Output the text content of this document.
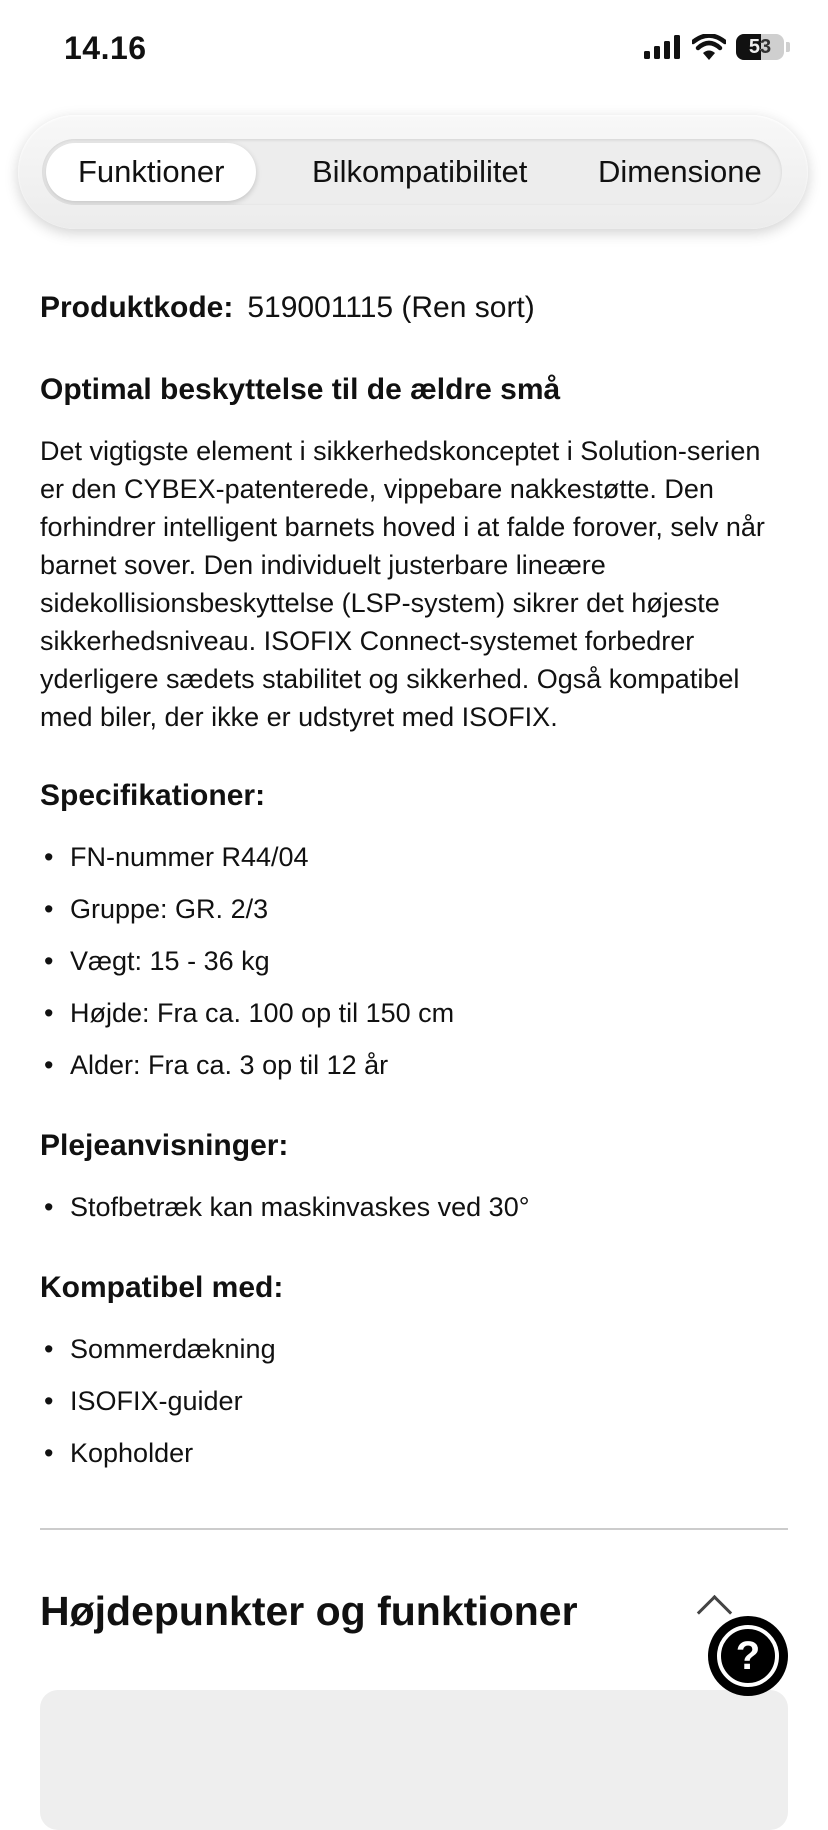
14.16	53
Funktioner	Bilkompatibilitet Dimensione
Produktkode: 519001115 (Ren sort)
Optimal beskyttelse til de ældre små
Det vigtigste element i sikkerhedskonceptet i Solution-serien
er den CYBEX-patenterede, vippebare nakkestøtte. Den
forhindrer intelligent barnets hoved i at falde forover, selv når
barnet sover. Den individuelt justerbare lineære
sidekollisionsbeskyttelse (LSP-system) sikrer det højeste
sikkerhedsniveau. ISOFIX Connect-systemet forbedrer
yderligere sædets stabilitet og sikkerhed. Også kompatibel
med biler, der ikke er udstyret med ISOFIX.
Specifikationer:
• FN-nummer R44/04
• Gruppe: GR. 2/3
• Vægt: 15 - 36 kg
• Højde: Fra ca. 100 op til 150 cm
• Alder: Fra ca. 3 op til 12 år
Plejeanvisninger:
• Stofbetræk kan maskinvaskes ved 30°
Kompatibel med:
• Sommerdækning
• ISOFIX-guider
• Kopholder
Højdepunkter og funktioner
?
